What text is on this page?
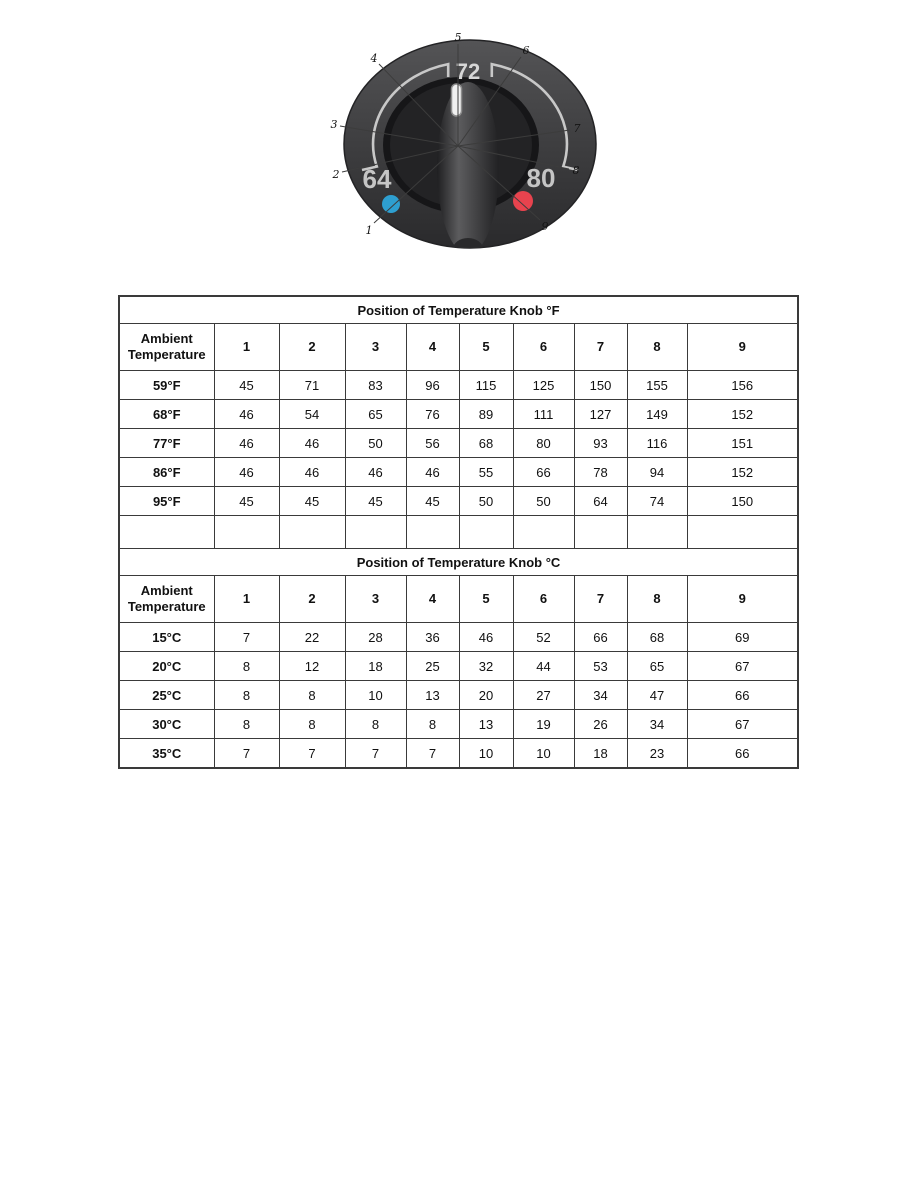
64
72
80
1
2
3
4
5
6
7
8
9
Position of Temperature Knob °F									
Ambient Temperature	1	2	3	4	5	6	7	8	9
59°F	45	71	83	96	115	125	150	155	156
68°F	46	54	65	76	89	111	127	149	152
77°F	46	46	50	56	68	80	93	116	151
86°F	46	46	46	46	55	66	78	94	152
95°F	45	45	45	45	50	50	64	74	150

Position of Temperature Knob °C									
Ambient Temperature	1	2	3	4	5	6	7	8	9
15°C	7	22	28	36	46	52	66	68	69
20°C	8	12	18	25	32	44	53	65	67
25°C	8	8	10	13	20	27	34	47	66
30°C	8	8	8	8	13	19	26	34	67
35°C	7	7	7	7	10	10	18	23	66
